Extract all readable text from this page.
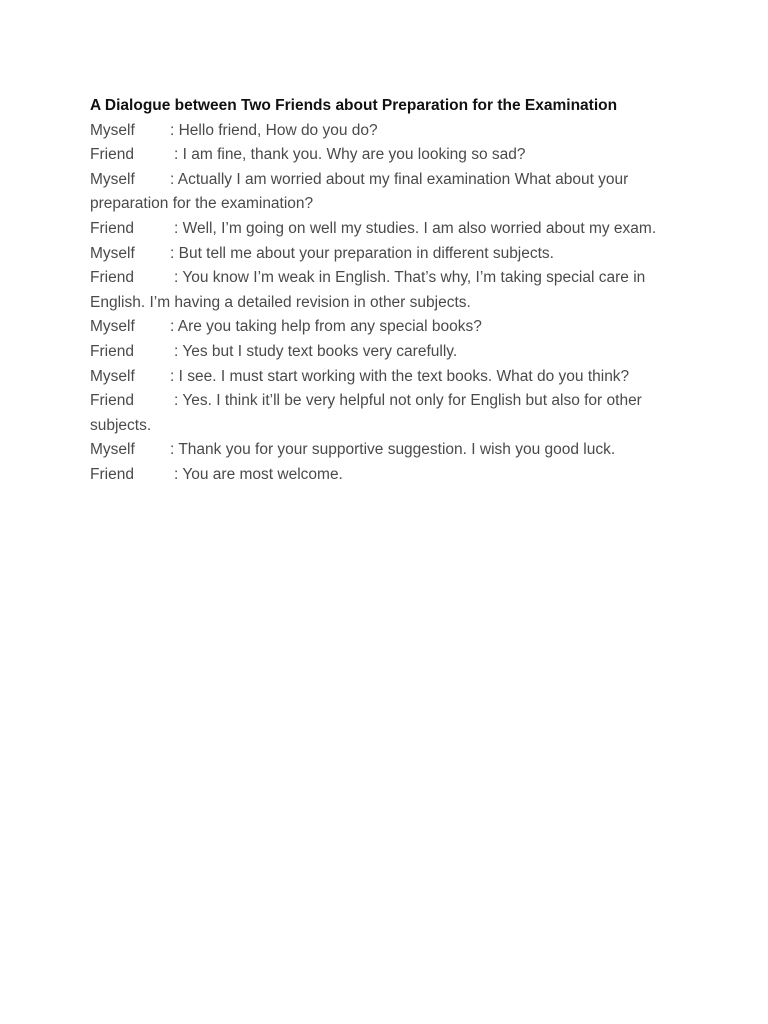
A Dialogue between Two Friends about Preparation for the Examination
Myself : Hello friend, How do you do?
Friend	: I am fine, thank you. Why are you looking so sad?
Myself : Actually I am worried about my final examination What about your
preparation for the examination?
Friend	: Well, I’m going on well my studies. I am also worried about my exam.
Myself : But tell me about your preparation in different subjects.
Friend	: You know I’m weak in English. That’s why, I’m taking special care in
English. I’m having a detailed revision in other subjects.
Myself : Are you taking help from any special books?
Friend	: Yes but I study text books very carefully.
Myself : I see. I must start working with the text books. What do you think?
Friend	: Yes. I think it’ll be very helpful not only for English but also for other
subjects.
Myself : Thank you for your supportive suggestion. I wish you good luck.
Friend	: You are most welcome.
